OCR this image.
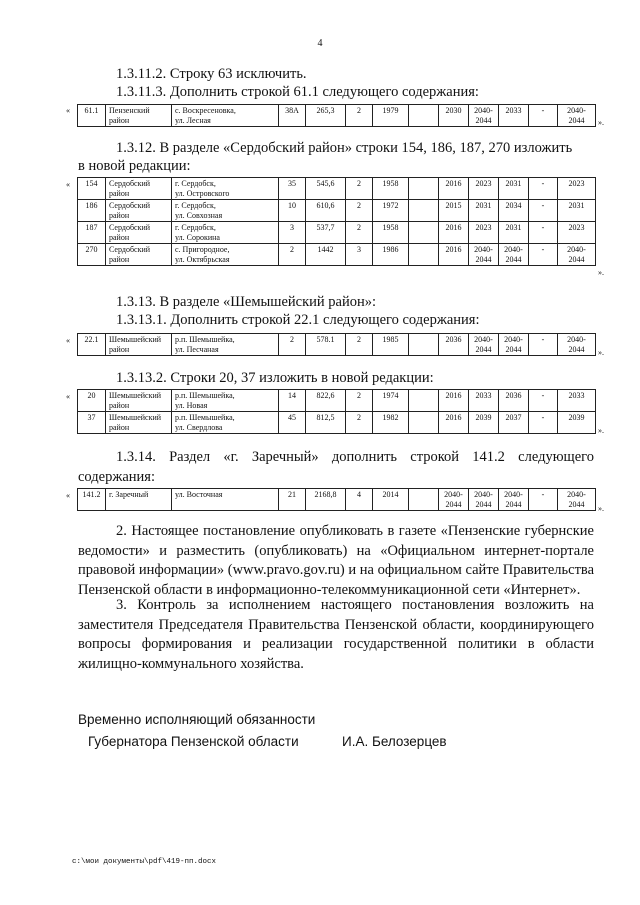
4
1.3.11.2. Строку 63 исключить.
1.3.11.3. Дополнить строкой 61.1 следующего содержания:
« 61.1	Пензенский
район	с. Воскресеновка,
ул. Лесная	38А	265,3	2	1979		2030	2040-
2044	2033	-	2040-
2044 ».
1.3.12. В разделе «Сердобский район» строки 154, 186, 187, 270 изложить
в новой редакции:
« 154	Сердобский
район	г. Сердобск,
ул. Островского	35	545,6	2	1958		2016	2023	2031	-	2023
186	Сердобский
район	г. Сердобск,
ул. Совхозная	10	610,6	2	1972		2015	2031	2034	-	2031
187	Сердобский
район	г. Сердобск,
ул. Сорокина	3	537,7	2	1958		2016	2023	2031	-	2023
270	Сердобский
район	с. Пригородное,
ул. Октябрьская	2	1442	3	1986		2016	2040-
2044	2040-
2044	-	2040-
2044
».
1.3.13. В разделе «Шемышейский район»:
1.3.13.1. Дополнить строкой 22.1 следующего содержания:
« 22.1	Шемышейский
район	р.п. Шемышейка,
ул. Песчаная	2	578.1	2	1985		2036	2040-
2044	2040-
2044	-	2040-
2044 ».
1.3.13.2. Строки 20, 37 изложить в новой редакции:
« 20	Шемышейский
район	р.п. Шемышейка,
ул. Новая	14	822,6	2	1974		2016	2033	2036	-	2033
37	Шемышейский
район	р.п. Шемышейка,
ул. Свердлова	45	812,5	2	1982		2016	2039	2037	-	2039
».
1.3.14. Раздел «г. Заречный» дополнить строкой 141.2 следующего содержания:
« 141.2	г. Заречный	ул. Восточная	21	2168,8	4	2014		2040-
2044	2040-
2044	2040-
2044	-	2040-
2044 ».
2. Настоящее постановление опубликовать в газете «Пензенские губернские ведомости» и разместить (опубликовать) на «Официальном интернет-портале правовой информации» (www.pravo.gov.ru) и на официальном сайте Правительства Пензенской области в информационно-телекоммуникационной сети «Интернет».
3. Контроль за исполнением настоящего постановления возложить на заместителя Председателя Правительства Пензенской области, координирующего вопросы формирования и реализации государственной политики в области жилищно-коммунального хозяйства.
Временно исполняющий обязанности
Губернатора Пензенской области	И.А. Белозерцев
c:\мои документы\pdf\419-пп.docx
